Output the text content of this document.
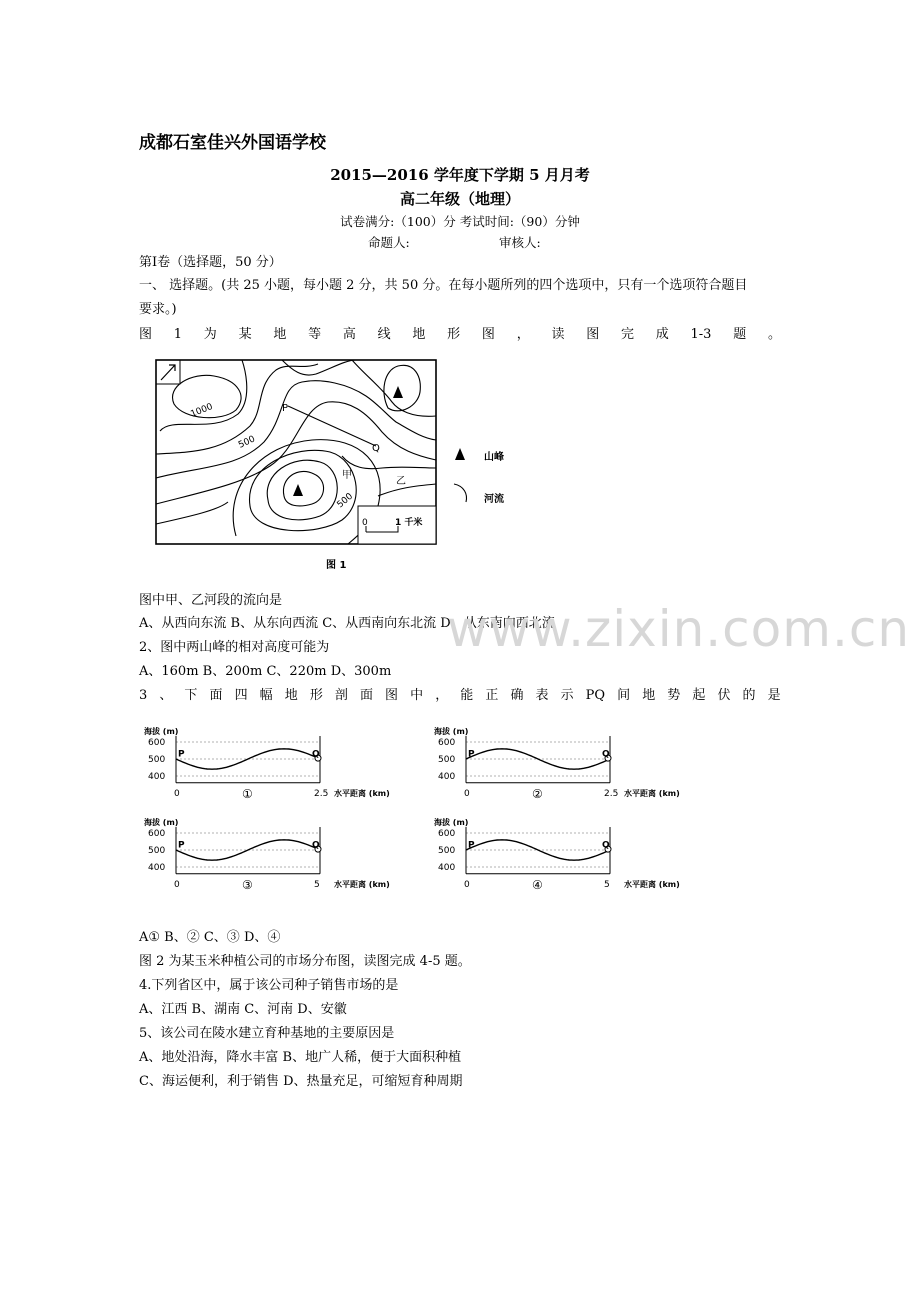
成都石室佳兴外国语学校
2015—2016 学年度下学期 5 月月考
高二年级（地理）
试卷满分:（100）分 考试时间:（90）分钟
命题人:	审核人:
第Ⅰ卷（选择题，50 分）
一、 选择题。(共 25 小题，每小题 2 分，共 50 分。在每小题所列的四个选项中，只有一个选项符合题目
要求。)
图 1 为 某 地 等 高 线 地 形 图 ， 读 图 完 成 1-3 题 。
0	1 千米
1000
500
500
P
Q
甲
乙
山峰
河流
图 1
图中甲、乙河段的流向是
A、从西向东流 B、从东向西流 C、从西南向东北流 D、从东南向西北流
2、图中两山峰的相对高度可能为
A、160m B、200m C、220m D、300m
3 、 下 面 四 幅 地 形 剖 面 图 中 ， 能 正 确 表 示 PQ 间 地 势 起 伏 的 是
海拔 (m)
600
500
400
P	Q
0	2.5 水平距离 (km)
①
海拔 (m)
600
500
400
P	Q
0	2.5 水平距离 (km)
②
海拔 (m)
600
500
400
P	Q
0	5 水平距离 (km)
③
海拔 (m)
600
500
400
P	Q
0	5 水平距离 (km)
④
A① B、② C、③ D、④
图 2 为某玉米种植公司的市场分布图，读图完成 4-5 题。
4.下列省区中，属于该公司种子销售市场的是
A、江西 B、湖南 C、河南 D、安徽
5、该公司在陵水建立育种基地的主要原因是
A、地处沿海，降水丰富 B、地广人稀，便于大面积种植
C、海运便利，利于销售 D、热量充足，可缩短育种周期
www.zixin.com.cn
